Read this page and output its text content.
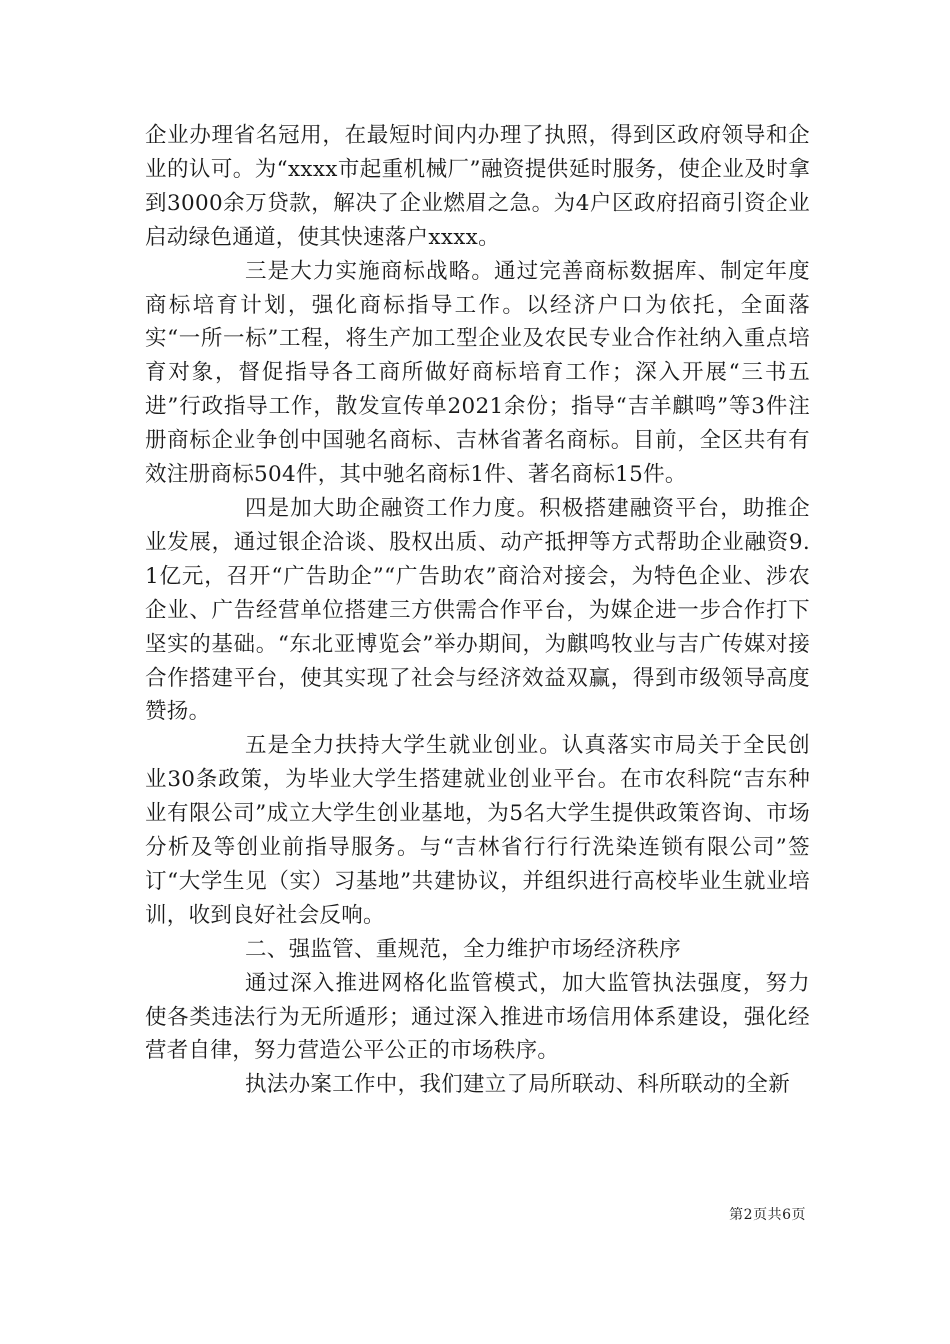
企业办理省名冠用，在最短时间内办理了执照，得到区政府领导和企业的认可。为“xxxx市起重机械厂”融资提供延时服务，使企业及时拿到3000余万贷款，解决了企业燃眉之急。为4户区政府招商引资企业启动绿色通道，使其快速落户xxxx。

三是大力实施商标战略。通过完善商标数据库、制定年度商标培育计划，强化商标指导工作。以经济户口为依托，全面落实“一所一标”工程，将生产加工型企业及农民专业合作社纳入重点培育对象，督促指导各工商所做好商标培育工作；深入开展“三书五进”行政指导工作，散发宣传单2021余份；指导“吉羊麒鸣”等3件注册商标企业争创中国驰名商标、吉林省著名商标。目前，全区共有有效注册商标504件，其中驰名商标1件、著名商标15件。

四是加大助企融资工作力度。积极搭建融资平台，助推企业发展，通过银企洽谈、股权出质、动产抵押等方式帮助企业融资9.1亿元，召开“广告助企”“广告助农”商洽对接会，为特色企业、涉农企业、广告经营单位搭建三方供需合作平台，为媒企进一步合作打下坚实的基础。“东北亚博览会”举办期间，为麒鸣牧业与吉广传媒对接合作搭建平台，使其实现了社会与经济效益双赢，得到市级领导高度赞扬。

五是全力扶持大学生就业创业。认真落实市局关于全民创业30条政策，为毕业大学生搭建就业创业平台。在市农科院“吉东种业有限公司”成立大学生创业基地，为5名大学生提供政策咨询、市场分析及等创业前指导服务。与“吉林省行行行洗染连锁有限公司”签订“大学生见（实）习基地”共建协议，并组织进行高校毕业生就业培训，收到良好社会反响。

二、强监管、重规范，全力维护市场经济秩序

通过深入推进网格化监管模式，加大监管执法强度，努力使各类违法行为无所遁形；通过深入推进市场信用体系建设，强化经营者自律，努力营造公平公正的市场秩序。

执法办案工作中，我们建立了局所联动、科所联动的全新

第2页共6页
